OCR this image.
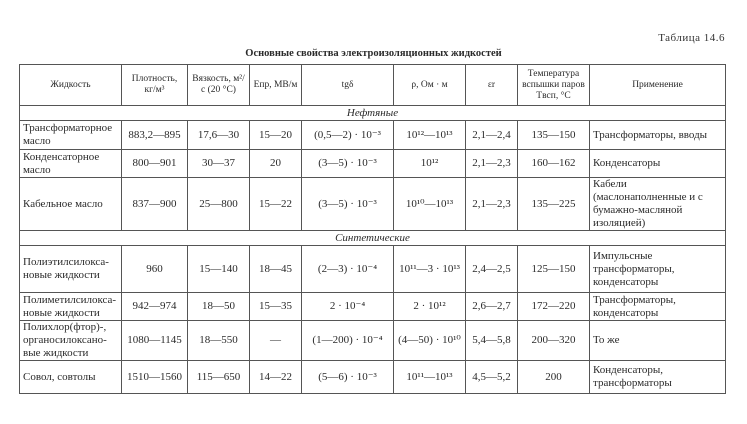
Таблица 14.6
Основные свойства электроизоляционных жидкостей
Жидкость	Плотность, кг/м³	Вязкость, м²/с (20 °С)	Eпр, МВ/м	tgδ	ρ, Ом · м	εr	Температура вспышки паров Tвсп, °С	Применение
Нефтяные								
Трансформаторное масло	883,2—895	17,6—30	15—20	(0,5—2) · 10⁻³	10¹²—10¹³	2,1—2,4	135—150	Трансформаторы, вводы
Конденсаторное масло	800—901	30—37	20	(3—5) · 10⁻³	10¹²	2,1—2,3	160—162	Конденсаторы
Кабельное масло	837—900	25—800	15—22	(3—5) · 10⁻³	10¹⁰—10¹³	2,1—2,3	135—225	Кабели (маслонаполненные и с бумажно-масляной изоляцией)
Синтетические								
Полиэтилсилокса-новые жидкости	960	15—140	18—45	(2—3) · 10⁻⁴	10¹¹—3 · 10¹³	2,4—2,5	125—150	Импульсные трансформаторы, конденсаторы
Полиметилсилокса-новые жидкости	942—974	18—50	15—35	2 · 10⁻⁴	2 · 10¹²	2,6—2,7	172—220	Трансформаторы, конденсаторы
Полихлор(фтор)-, органосилоксано-вые жидкости	1080—1145	18—550	—	(1—200) · 10⁻⁴	(4—50) · 10¹⁰	5,4—5,8	200—320	То же
Совол, совтолы	1510—1560	115—650	14—22	(5—6) · 10⁻³	10¹¹—10¹³	4,5—5,2	200	Конденсаторы, трансформаторы
